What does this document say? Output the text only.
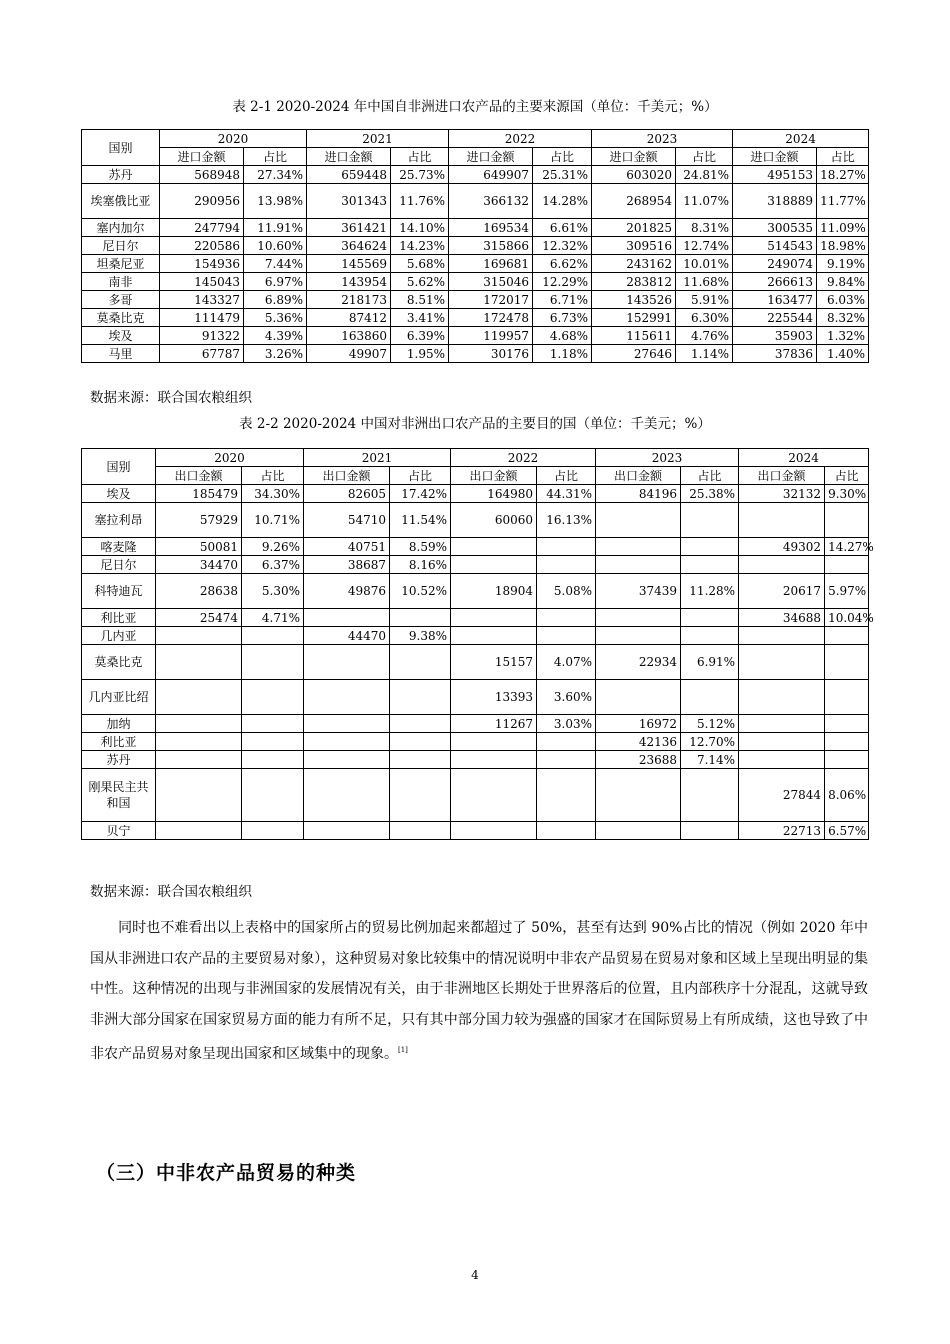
表 2-1 2020-2024 年中国自非洲进口农产品的主要来源国（单位：千美元；%）
国别	2020		2021		2022		2023		2024	
	进口金额	占比	进口金额	占比	进口金额	占比	进口金额	占比	进口金额	占比
苏丹	568948	27.34%	659448	25.73%	649907	25.31%	603020	24.81%	495153	18.27%
埃塞俄比亚	290956	13.98%	301343	11.76%	366132	14.28%	268954	11.07%	318889	11.77%
塞内加尔	247794	11.91%	361421	14.10%	169534	6.61%	201825	8.31%	300535	11.09%
尼日尔	220586	10.60%	364624	14.23%	315866	12.32%	309516	12.74%	514543	18.98%
坦桑尼亚	154936	7.44%	145569	5.68%	169681	6.62%	243162	10.01%	249074	9.19%
南非	145043	6.97%	143954	5.62%	315046	12.29%	283812	11.68%	266613	9.84%
多哥	143327	6.89%	218173	8.51%	172017	6.71%	143526	5.91%	163477	6.03%
莫桑比克	111479	5.36%	87412	3.41%	172478	6.73%	152991	6.30%	225544	8.32%
埃及	91322	4.39%	163860	6.39%	119957	4.68%	115611	4.76%	35903	1.32%
马里	67787	3.26%	49907	1.95%	30176	1.18%	27646	1.14%	37836	1.40%
数据来源：联合国农粮组织
表 2-2 2020-2024 中国对非洲出口农产品的主要目的国（单位：千美元；%）
国别	2020		2021		2022		2023		2024	
	出口金额	占比	出口金额	占比	出口金额	占比	出口金额	占比	出口金额	占比
埃及	185479	34.30%	82605	17.42%	164980	44.31%	84196	25.38%	32132	9.30%
塞拉利昂	57929	10.71%	54710	11.54%	60060	16.13%				
喀麦隆	50081	9.26%	40751	8.59%					49302	14.27%
尼日尔	34470	6.37%	38687	8.16%						
科特迪瓦	28638	5.30%	49876	10.52%	18904	5.08%	37439	11.28%	20617	5.97%
利比亚	25474	4.71%							34688	10.04%
几内亚			44470	9.38%						
莫桑比克					15157	4.07%	22934	6.91%		
几内亚比绍					13393	3.60%				
加纳					11267	3.03%	16972	5.12%		
利比亚							42136	12.70%		
苏丹							23688	7.14%		
刚果民主共和国									27844	8.06%
贝宁									22713	6.57%
数据来源：联合国农粮组织

同时也不难看出以上表格中的国家所占的贸易比例加起来都超过了 50%，甚至有达到 90%占比的情况（例如 2020 年中国从非洲进口农产品的主要贸易对象），这种贸易对象比较集中的情况说明中非农产品贸易在贸易对象和区域上呈现出明显的集中性。这种情况的出现与非洲国家的发展情况有关，由于非洲地区长期处于世界落后的位置，且内部秩序十分混乱，这就导致非洲大部分国家在国家贸易方面的能力有所不足，只有其中部分国力较为强盛的国家才在国际贸易上有所成绩，这也导致了中非农产品贸易对象呈现出国家和区域集中的现象。[1]

（三）中非农产品贸易的种类
4
